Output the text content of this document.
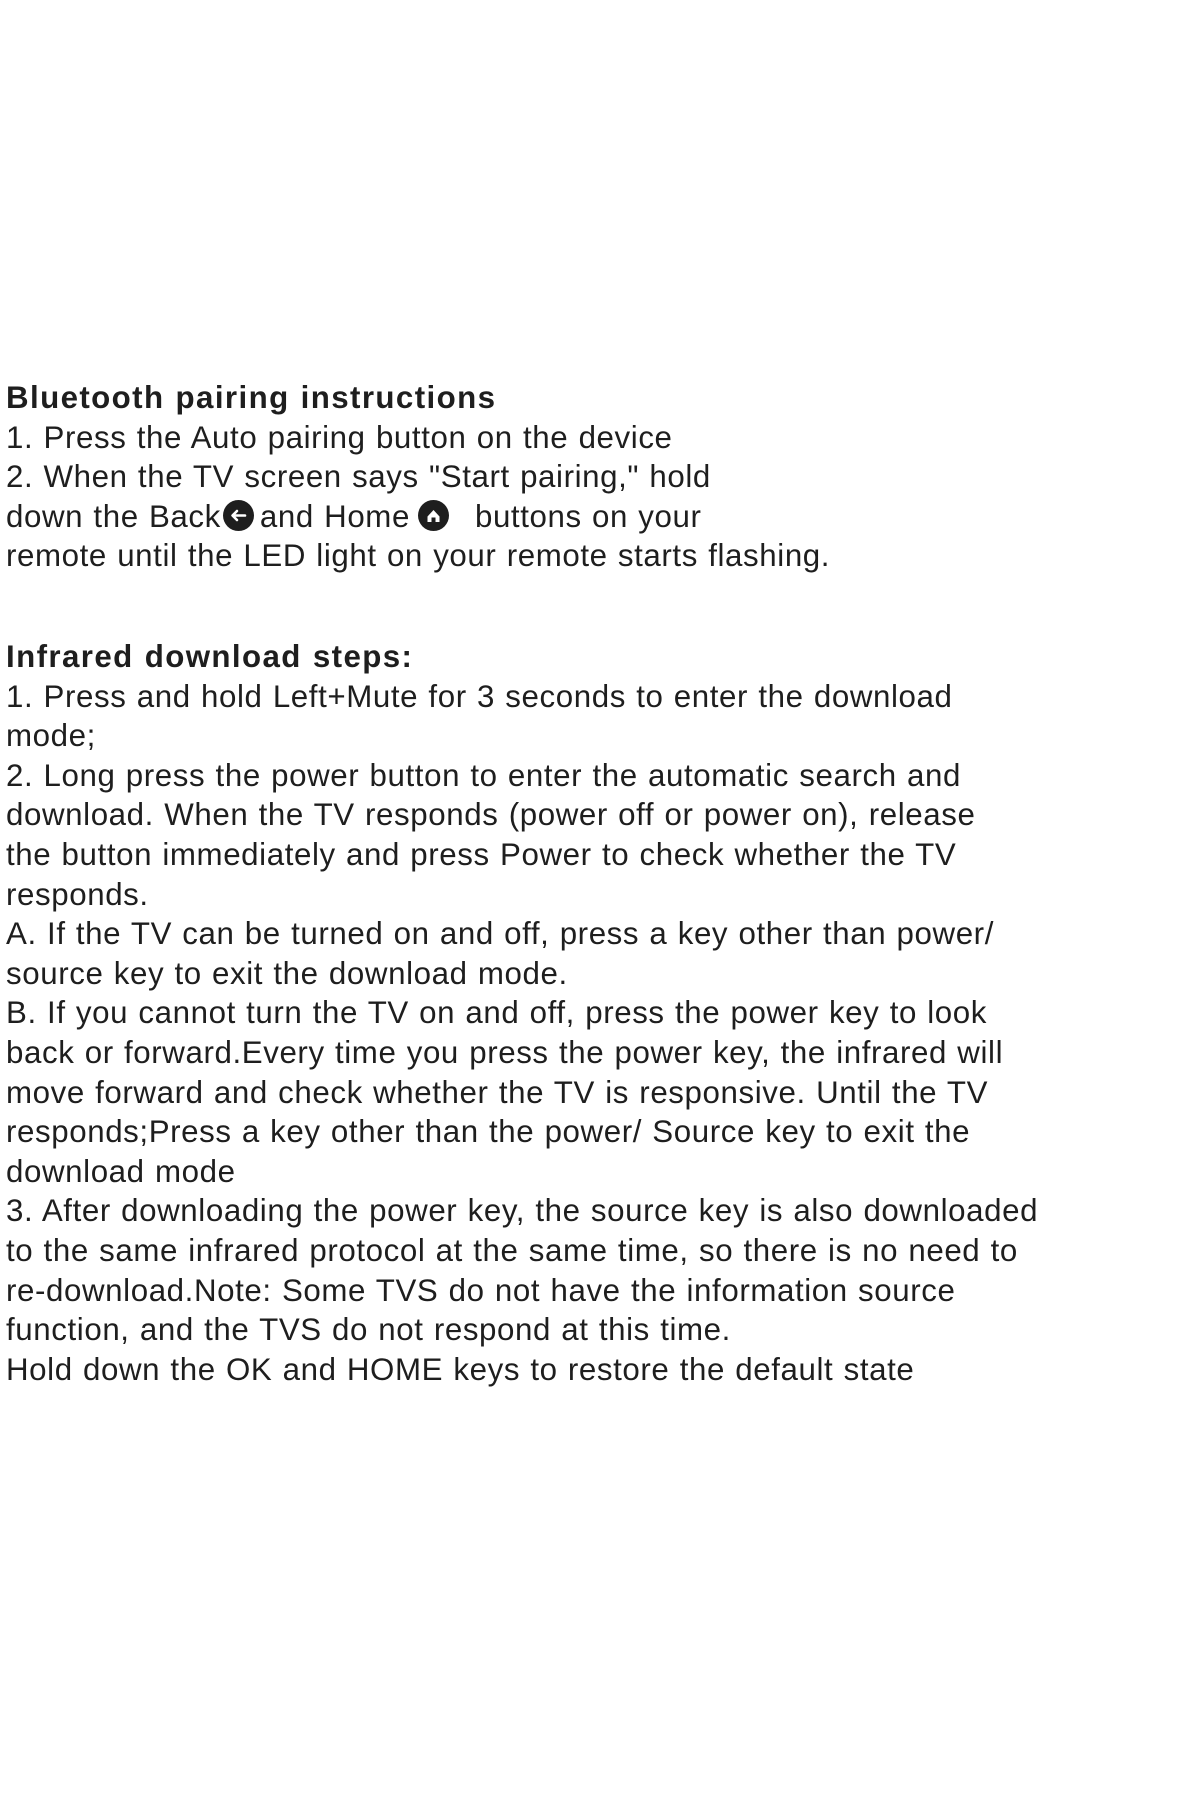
Bluetooth pairing instructions
1. Press the Auto pairing button on the device
2. When the TV screen says "Start pairing," hold
down the Back and Home buttons on your
remote until the LED light on your remote starts flashing.
Infrared download steps:
1. Press and hold Left+Mute for 3 seconds to enter the download
mode;
2. Long press the power button to enter the automatic search and
download. When the TV responds (power off or power on), release
the button immediately and press Power to check whether the TV
responds.
A. If the TV can be turned on and off, press a key other than power/
source key to exit the download mode.
B. If you cannot turn the TV on and off, press the power key to look
back or forward.Every time you press the power key, the infrared will
move forward and check whether the TV is responsive. Until the TV
responds;Press a key other than the power/ Source key to exit the
download mode
3. After downloading the power key, the source key is also downloaded
to the same infrared protocol at the same time, so there is no need to
re-download.Note: Some TVS do not have the information source
function, and the TVS do not respond at this time.
Hold down the OK and HOME keys to restore the default state
